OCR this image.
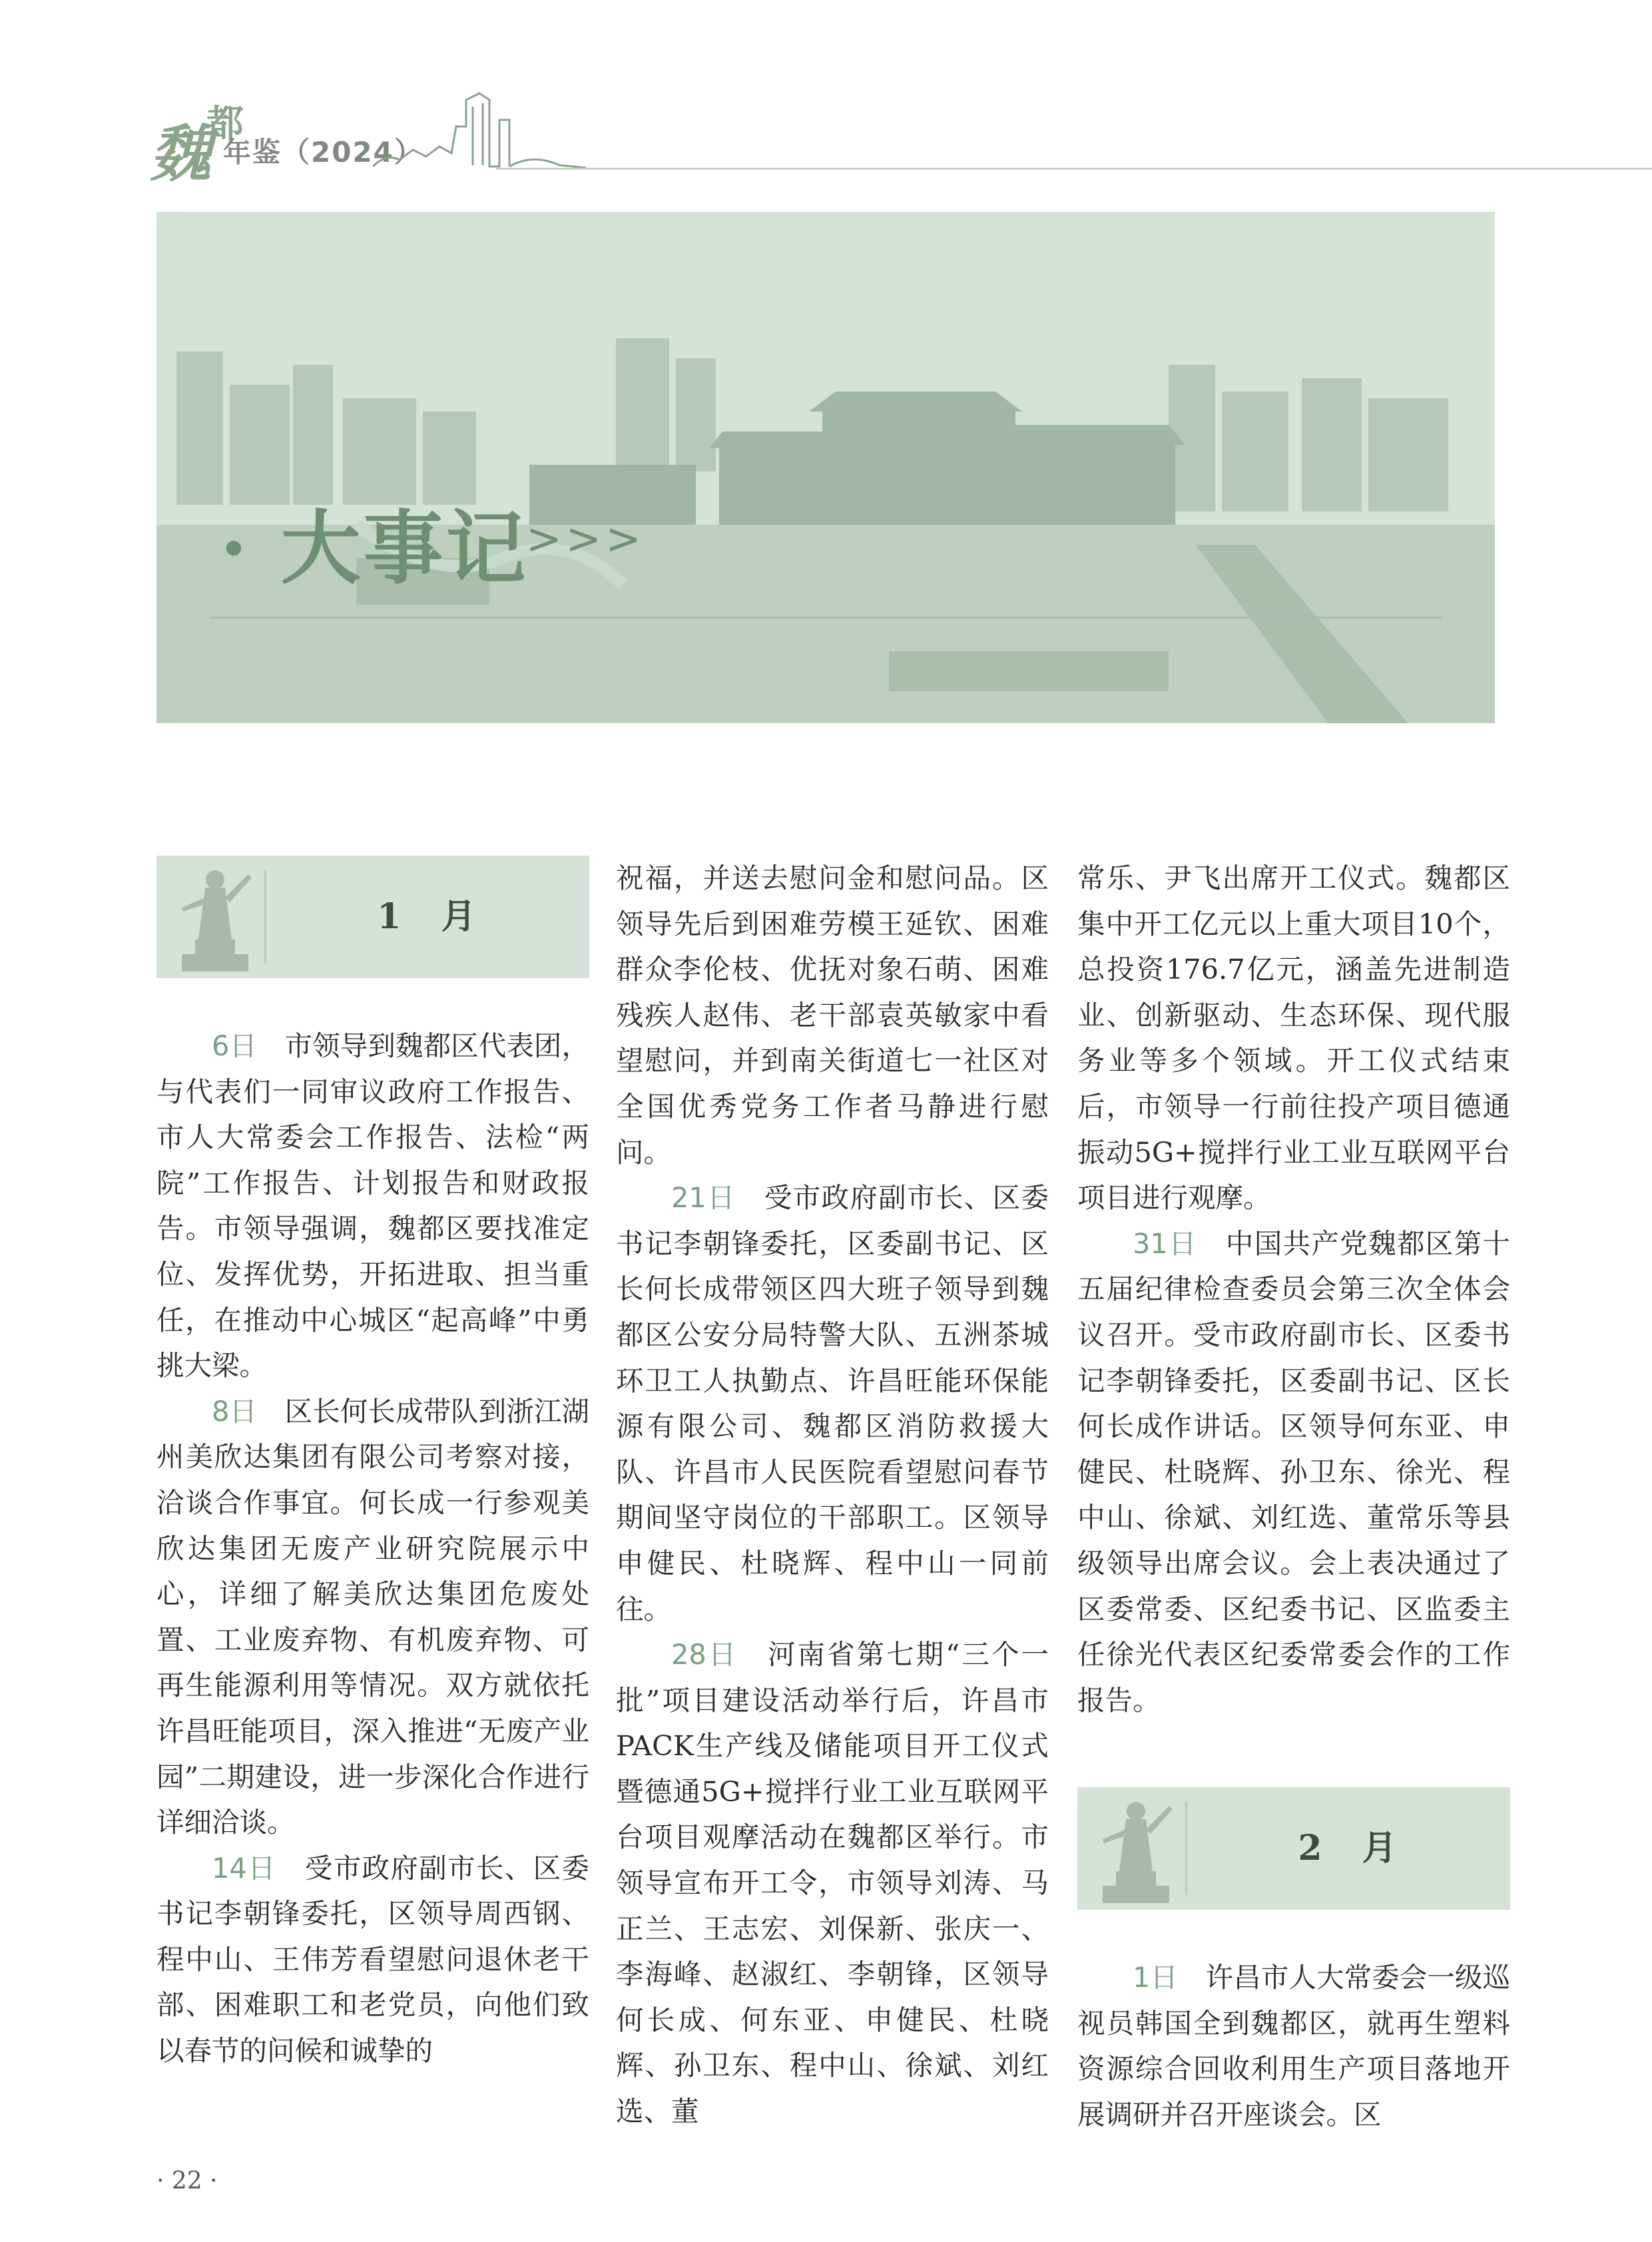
魏
都
年鉴（2024）
· 大事记
>>>
1　月

6日　 市领导到魏都区代表团，与代表们一同审议政府工作报告、市人大常委会工作报告、法检“两院”工作报告、计划报告和财政报告。市领导强调，魏都区要找准定位、发挥优势，开拓进取、担当重任，在推动中心城区“起高峰”中勇挑大梁。

8日　 区长何长成带队到浙江湖州美欣达集团有限公司考察对接，洽谈合作事宜。何长成一行参观美欣达集团无废产业研究院展示中心，详细了解美欣达集团危废处置、工业废弃物、有机废弃物、可再生能源利用等情况。双方就依托许昌旺能项目，深入推进“无废产业园”二期建设，进一步深化合作进行详细洽谈。

14日　 受市政府副市长、区委书记李朝锋委托，区领导周西钢、程中山、王伟芳看望慰问退休老干部、困难职工和老党员，向他们致以春节的问候和诚挚的

祝福，并送去慰问金和慰问品。区领导先后到困难劳模王延钦、困难群众李伦枝、优抚对象石萌、困难残疾人赵伟、老干部袁英敏家中看望慰问，并到南关街道七一社区对全国优秀党务工作者马静进行慰问。

21日　 受市政府副市长、区委书记李朝锋委托，区委副书记、区长何长成带领区四大班子领导到魏都区公安分局特警大队、五洲茶城环卫工人执勤点、许昌旺能环保能源有限公司、魏都区消防救援大队、许昌市人民医院看望慰问春节期间坚守岗位的干部职工。区领导申健民、杜晓辉、程中山一同前往。

28日　 河南省第七期“三个一批”项目建设活动举行后，许昌市PACK生产线及储能项目开工仪式暨德通5G+搅拌行业工业互联网平台项目观摩活动在魏都区举行。市领导宣布开工令，市领导刘涛、马正兰、王志宏、刘保新、张庆一、李海峰、赵淑红、李朝锋，区领导何长成、何东亚、申健民、杜晓辉、孙卫东、程中山、徐斌、刘红选、董

常乐、尹飞出席开工仪式。魏都区集中开工亿元以上重大项目10个，总投资176.7亿元，涵盖先进制造业、创新驱动、生态环保、现代服务业等多个领域。开工仪式结束后，市领导一行前往投产项目德通振动5G+搅拌行业工业互联网平台项目进行观摩。

31日　 中国共产党魏都区第十五届纪律检查委员会第三次全体会议召开。受市政府副市长、区委书记李朝锋委托，区委副书记、区长何长成作讲话。区领导何东亚、申健民、杜晓辉、孙卫东、徐光、程中山、徐斌、刘红选、董常乐等县级领导出席会议。会上表决通过了区委常委、区纪委书记、区监委主任徐光代表区纪委常委会作的工作报告。

2　月

1日　 许昌市人大常委会一级巡视员韩国全到魏都区，就再生塑料资源综合回收利用生产项目落地开展调研并召开座谈会。区

· 22 ·
